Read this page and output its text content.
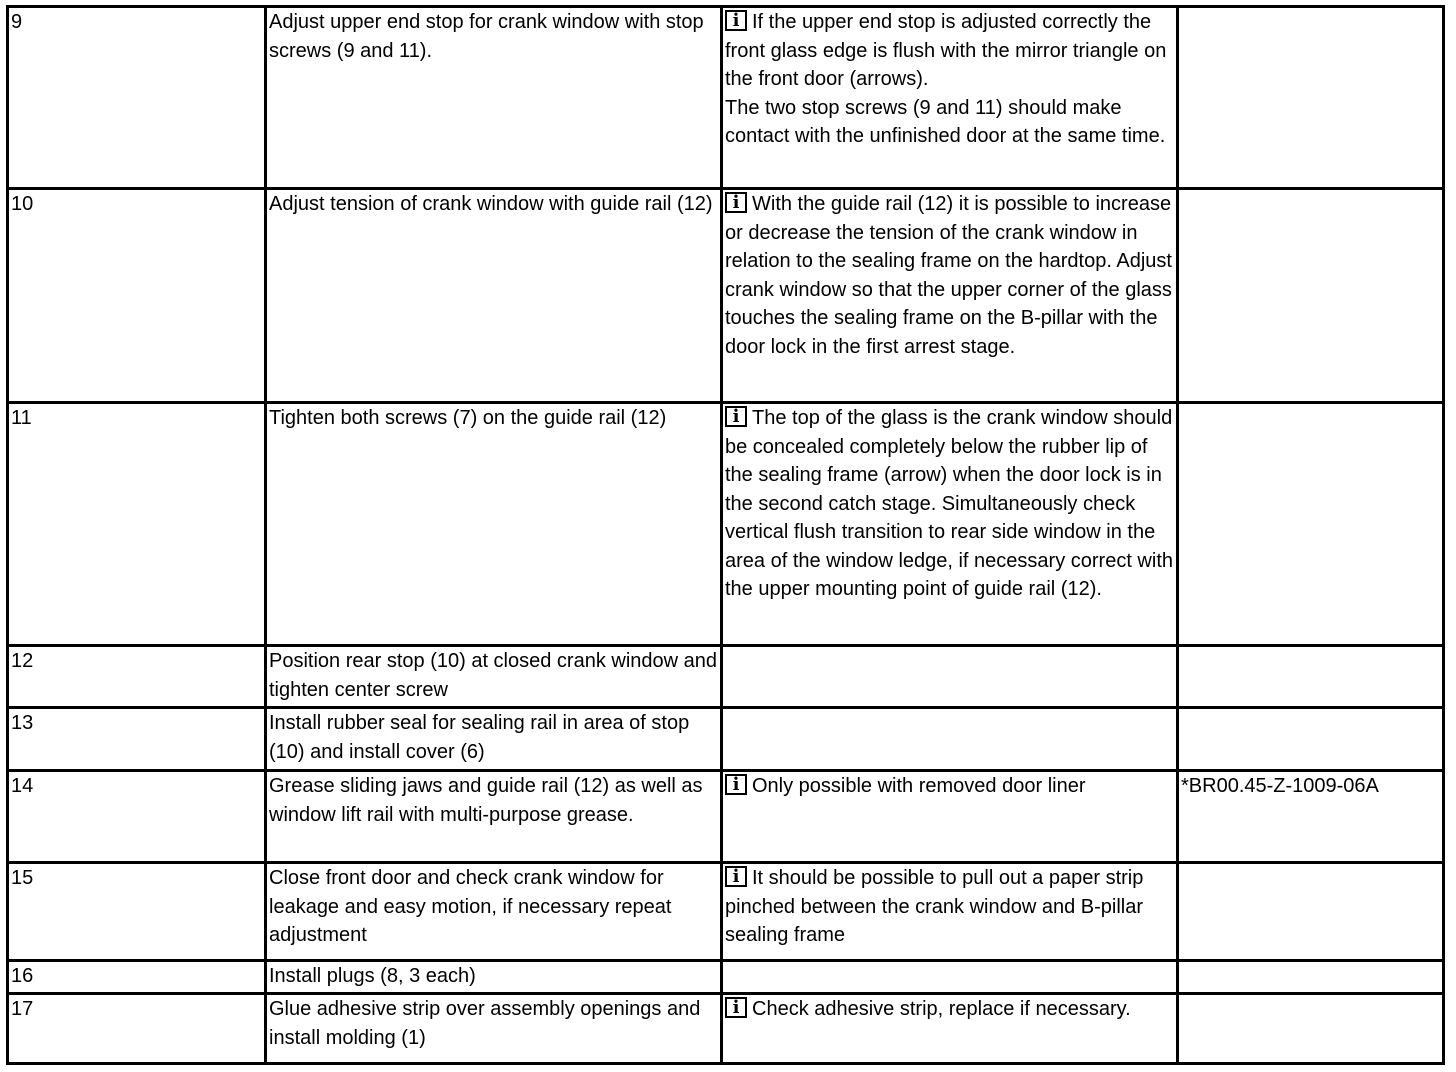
9	Adjust upper end stop for crank window with stop screws (9 and 11).	i If the upper end stop is adjusted correctly the front glass edge is flush with the mirror triangle on the front door (arrows).
The two stop screws (9 and 11) should make contact with the unfinished door at the same time.	
10	Adjust tension of crank window with guide rail (12)	i With the guide rail (12) it is possible to increase or decrease the tension of the crank window in relation to the sealing frame on the hardtop. Adjust crank window so that the upper corner of the glass touches the sealing frame on the B-pillar with the door lock in the first arrest stage.	
11	Tighten both screws (7) on the guide rail (12)	i The top of the glass is the crank window should be concealed completely below the rubber lip of the sealing frame (arrow) when the door lock is in the second catch stage. Simultaneously check vertical flush transition to rear side window in the area of the window ledge, if necessary correct with the upper mounting point of guide rail (12).	
12	Position rear stop (10) at closed crank window and tighten center screw		
13	Install rubber seal for sealing rail in area of stop (10) and install cover (6)		
14	Grease sliding jaws and guide rail (12) as well as window lift rail with multi-purpose grease.	i Only possible with removed door liner	*BR00.45-Z-1009-06A
15	Close front door and check crank window for leakage and easy motion, if necessary repeat adjustment	i It should be possible to pull out a paper strip pinched between the crank window and B-pillar sealing frame	
16	Install plugs (8, 3 each)		
17	Glue adhesive strip over assembly openings and install molding (1)	i Check adhesive strip, replace if necessary.	
